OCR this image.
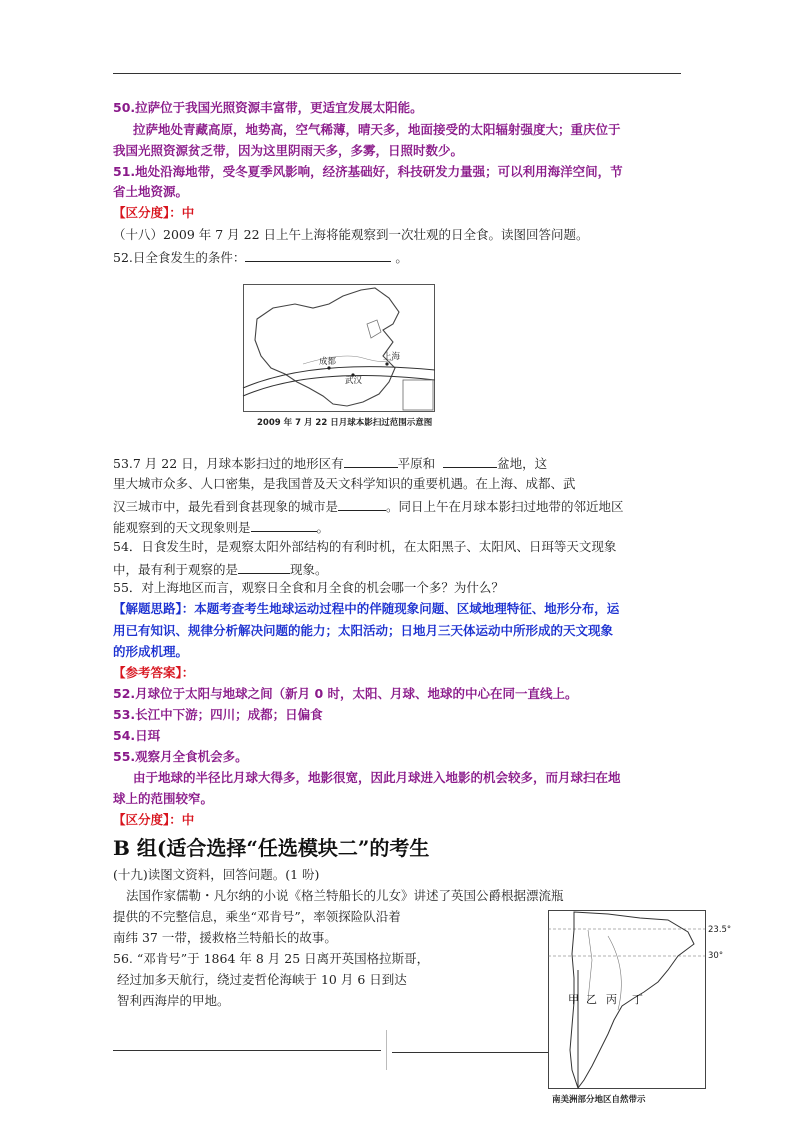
50.拉萨位于我国光照资源丰富带，更适宜发展太阳能。
拉萨地处青藏高原，地势高，空气稀薄，晴天多，地面接受的太阳辐射强度大；重庆位于
我国光照资源贫乏带，因为这里阴雨天多，多雾，日照时数少。
51.地处沿海地带，受冬夏季风影响，经济基础好，科技研发力量强；可以利用海洋空间，节
省土地资源。
【区分度】：中
（十八）2009 年 7 月 22 日上午上海将能观察到一次壮观的日全食。读图回答问题。
52.日全食发生的条件：	。
成都
武汉
上海
2009 年 7 月 22 日月球本影扫过范围示意图
53.7 月 22 日，月球本影扫过的地形区有	平原和	盆地，这
里大城市众多、人口密集，是我国普及天文科学知识的重要机遇。在上海、成都、武
汉三城市中，最先看到食甚现象的城市是	。同日上午在月球本影扫过地带的邻近地区
能观察到的天文现象则是	。
54．日食发生时，是观察太阳外部结构的有利时机，在太阳黑子、太阳风、日珥等天文现象
中，最有利于观察的是	现象。
55．对上海地区而言，观察日全食和月全食的机会哪一个多？为什么？
【解题思路】：本题考查考生地球运动过程中的伴随现象问题、区域地理特征、地形分布，运
用已有知识、规律分析解决问题的能力；太阳活动；日地月三天体运动中所形成的天文现象
的形成机理。
【参考答案】：
52.月球位于太阳与地球之间（新月 0 时，太阳、月球、地球的中心在同一直线上。
53.长江中下游；四川；成都；日偏食
54.日珥
55.观察月全食机会多。
由于地球的半径比月球大得多，地影很宽，因此月球进入地影的机会较多，而月球扫在地
球上的范围较窄。
【区分度】：中
B 组(适合选择“任选模块二”的考生
(十九)读图文资料，回答问题。(1 吩)
法国作家儒勒・凡尔纳的小说《格兰特船长的儿女》讲述了英国公爵根据漂流瓶
提供的不完整信息，乘坐“邓肯号”，率领探险队沿着
南纬 37 一带，援救格兰特船长的故事。
56. “邓肯号”于 1864 年 8 月 25 日离开英国格拉斯哥，
经过加多天航行，绕过麦哲伦海峡于 10 月 6 日到达
智利西海岸的甲地。
23.5°
30°
甲 乙 丙 丁
南美洲部分地区自然带示
